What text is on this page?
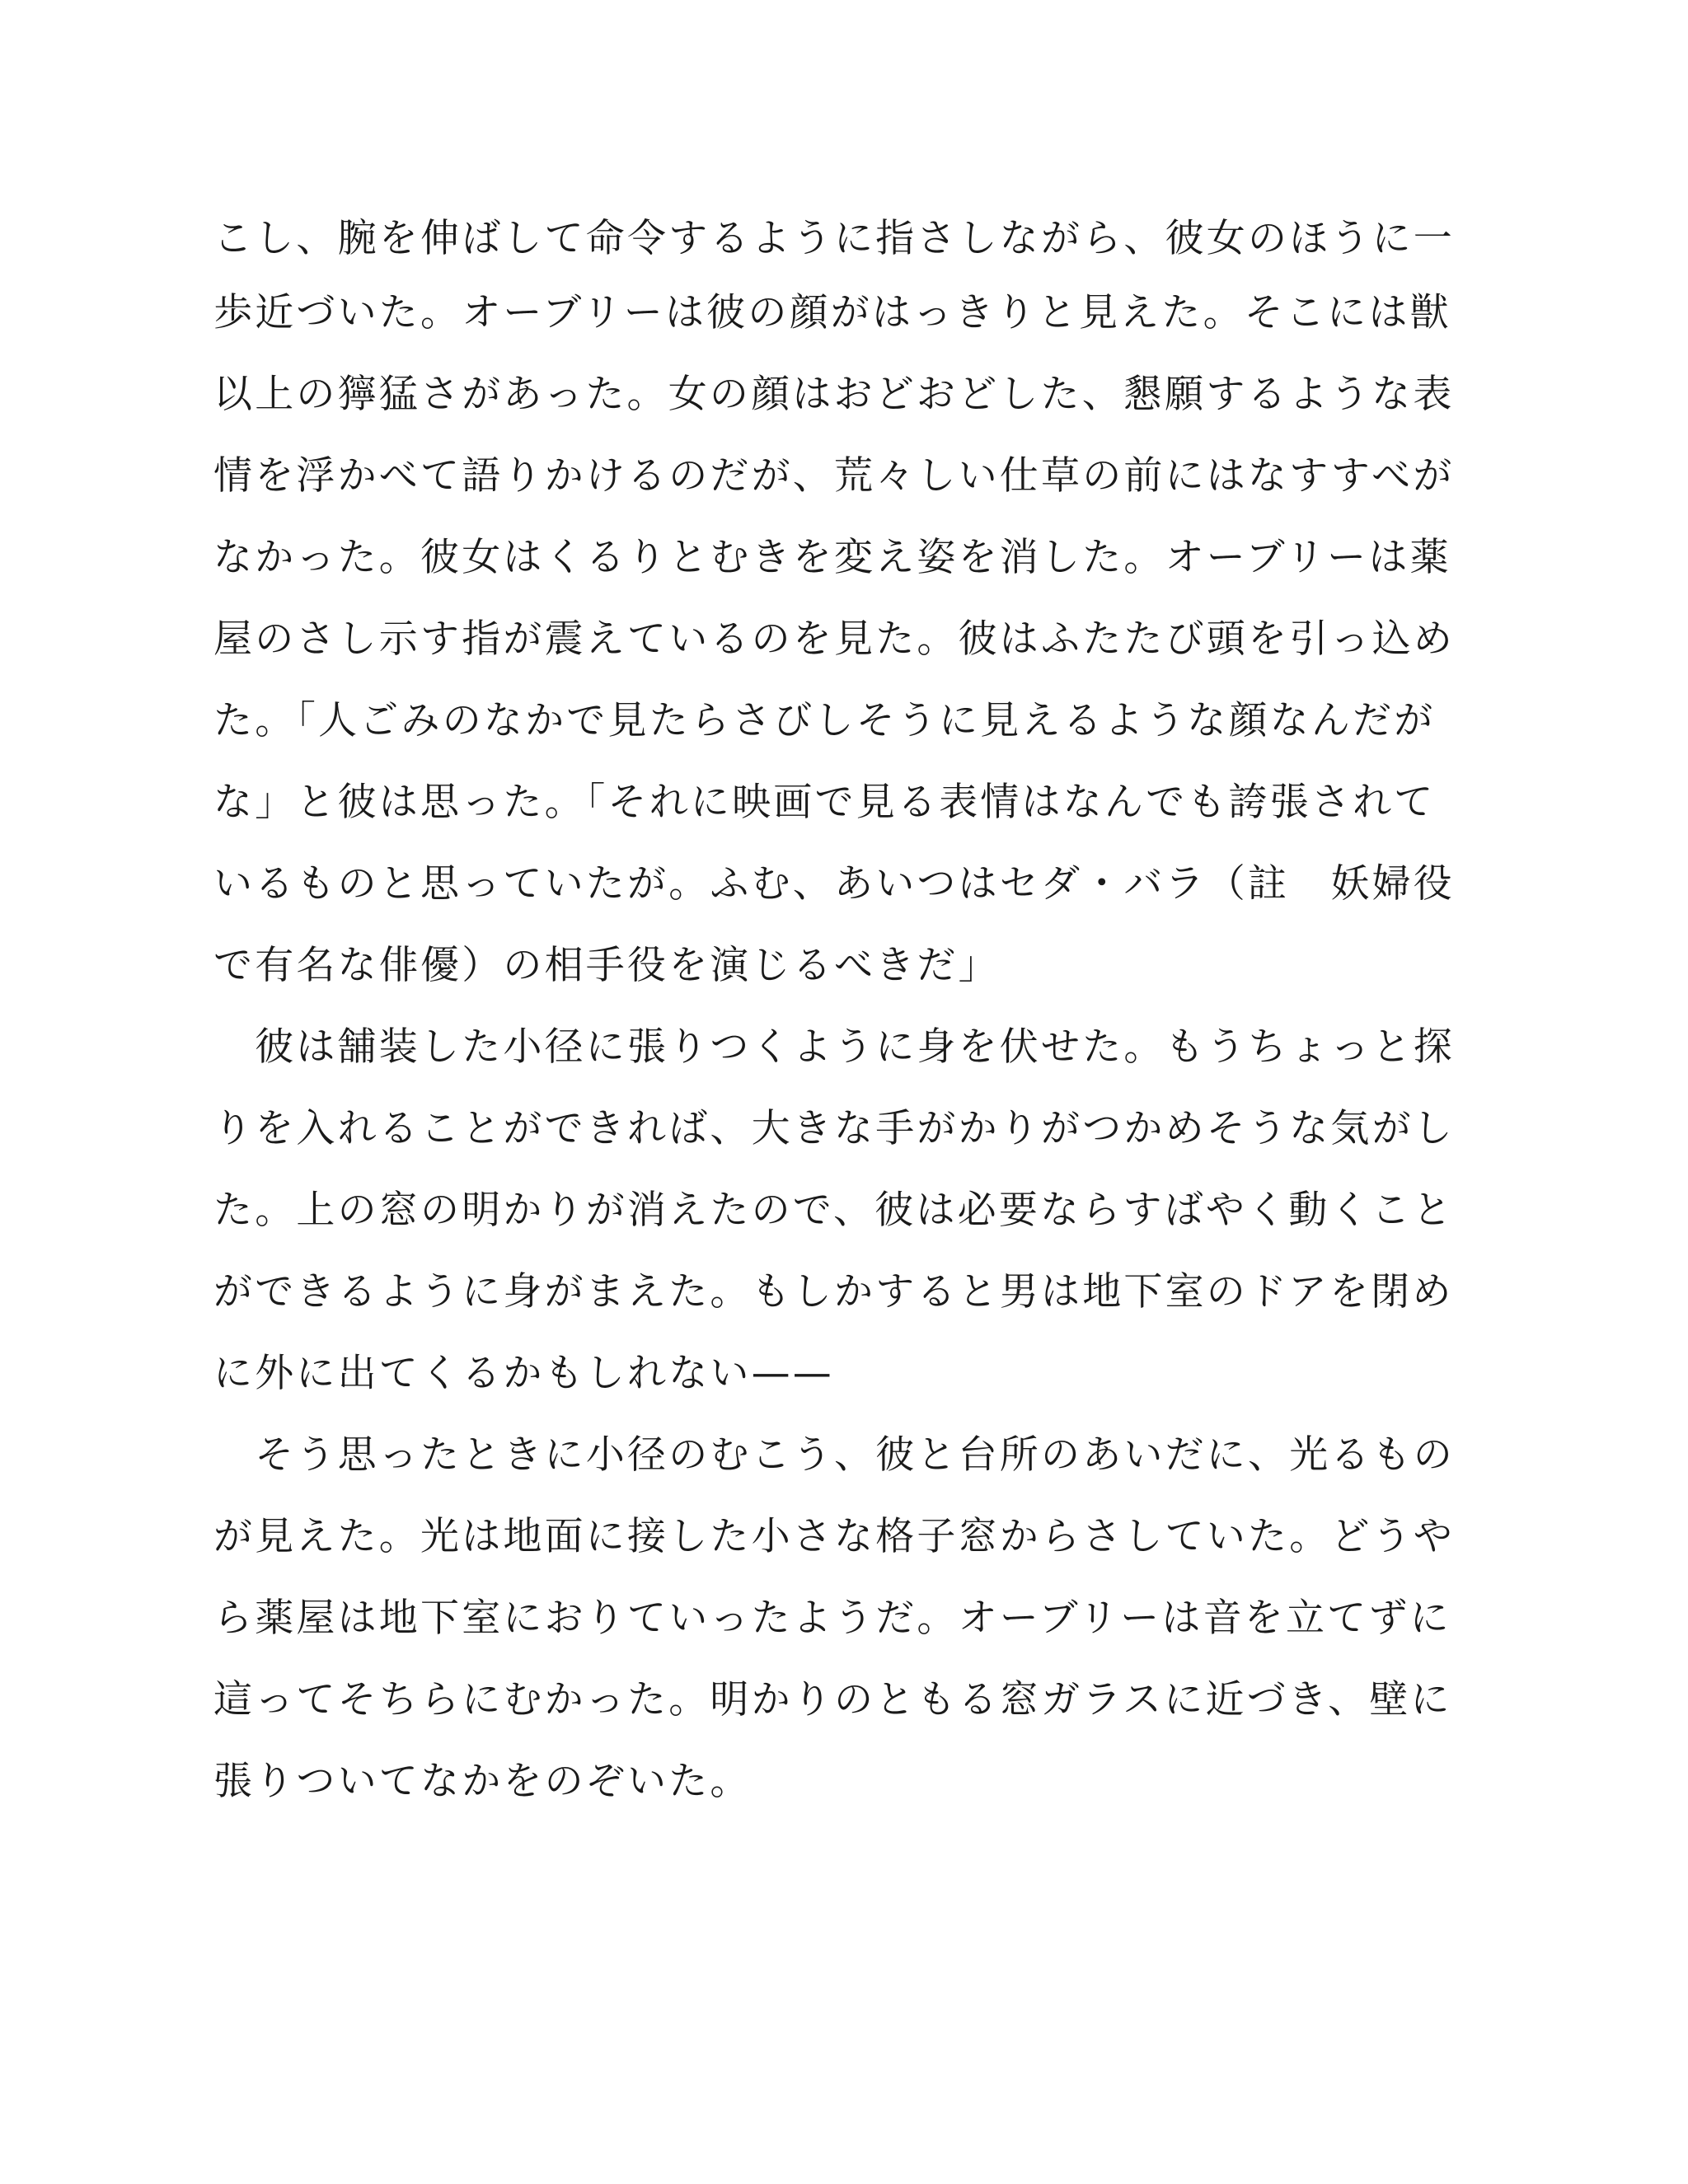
こし、腕を伸ばして命令するように指さしながら、彼女のほうに一
歩近づいた。オーブリーは彼の顔がはっきりと見えた。そこには獣
以上の獰猛さがあった。女の顔はおどおどした、懇願するような表
情を浮かべて語りかけるのだが、荒々しい仕草の前にはなすすべが
なかった。彼女はくるりとむきを変え姿を消した。オーブリーは薬
屋のさし示す指が震えているのを見た。彼はふたたび頭を引っ込め
た。「人ごみのなかで見たらさびしそうに見えるような顔なんだが
な」と彼は思った。「それに映画で見る表情はなんでも誇張されて
いるものと思っていたが。ふむ、あいつはセダ・バラ（註　妖婦役
で有名な俳優）の相手役を演じるべきだ」
　彼は舗装した小径に張りつくように身を伏せた。もうちょっと探
りを入れることができれば、大きな手がかりがつかめそうな気がし
た。上の窓の明かりが消えたので、彼は必要ならすばやく動くこと
ができるように身がまえた。もしかすると男は地下室のドアを閉め
に外に出てくるかもしれない——
　そう思ったときに小径のむこう、彼と台所のあいだに、光るもの
が見えた。光は地面に接した小さな格子窓からさしていた。どうや
ら薬屋は地下室におりていったようだ。オーブリーは音を立てずに
這ってそちらにむかった。明かりのともる窓ガラスに近づき、壁に
張りついてなかをのぞいた。
